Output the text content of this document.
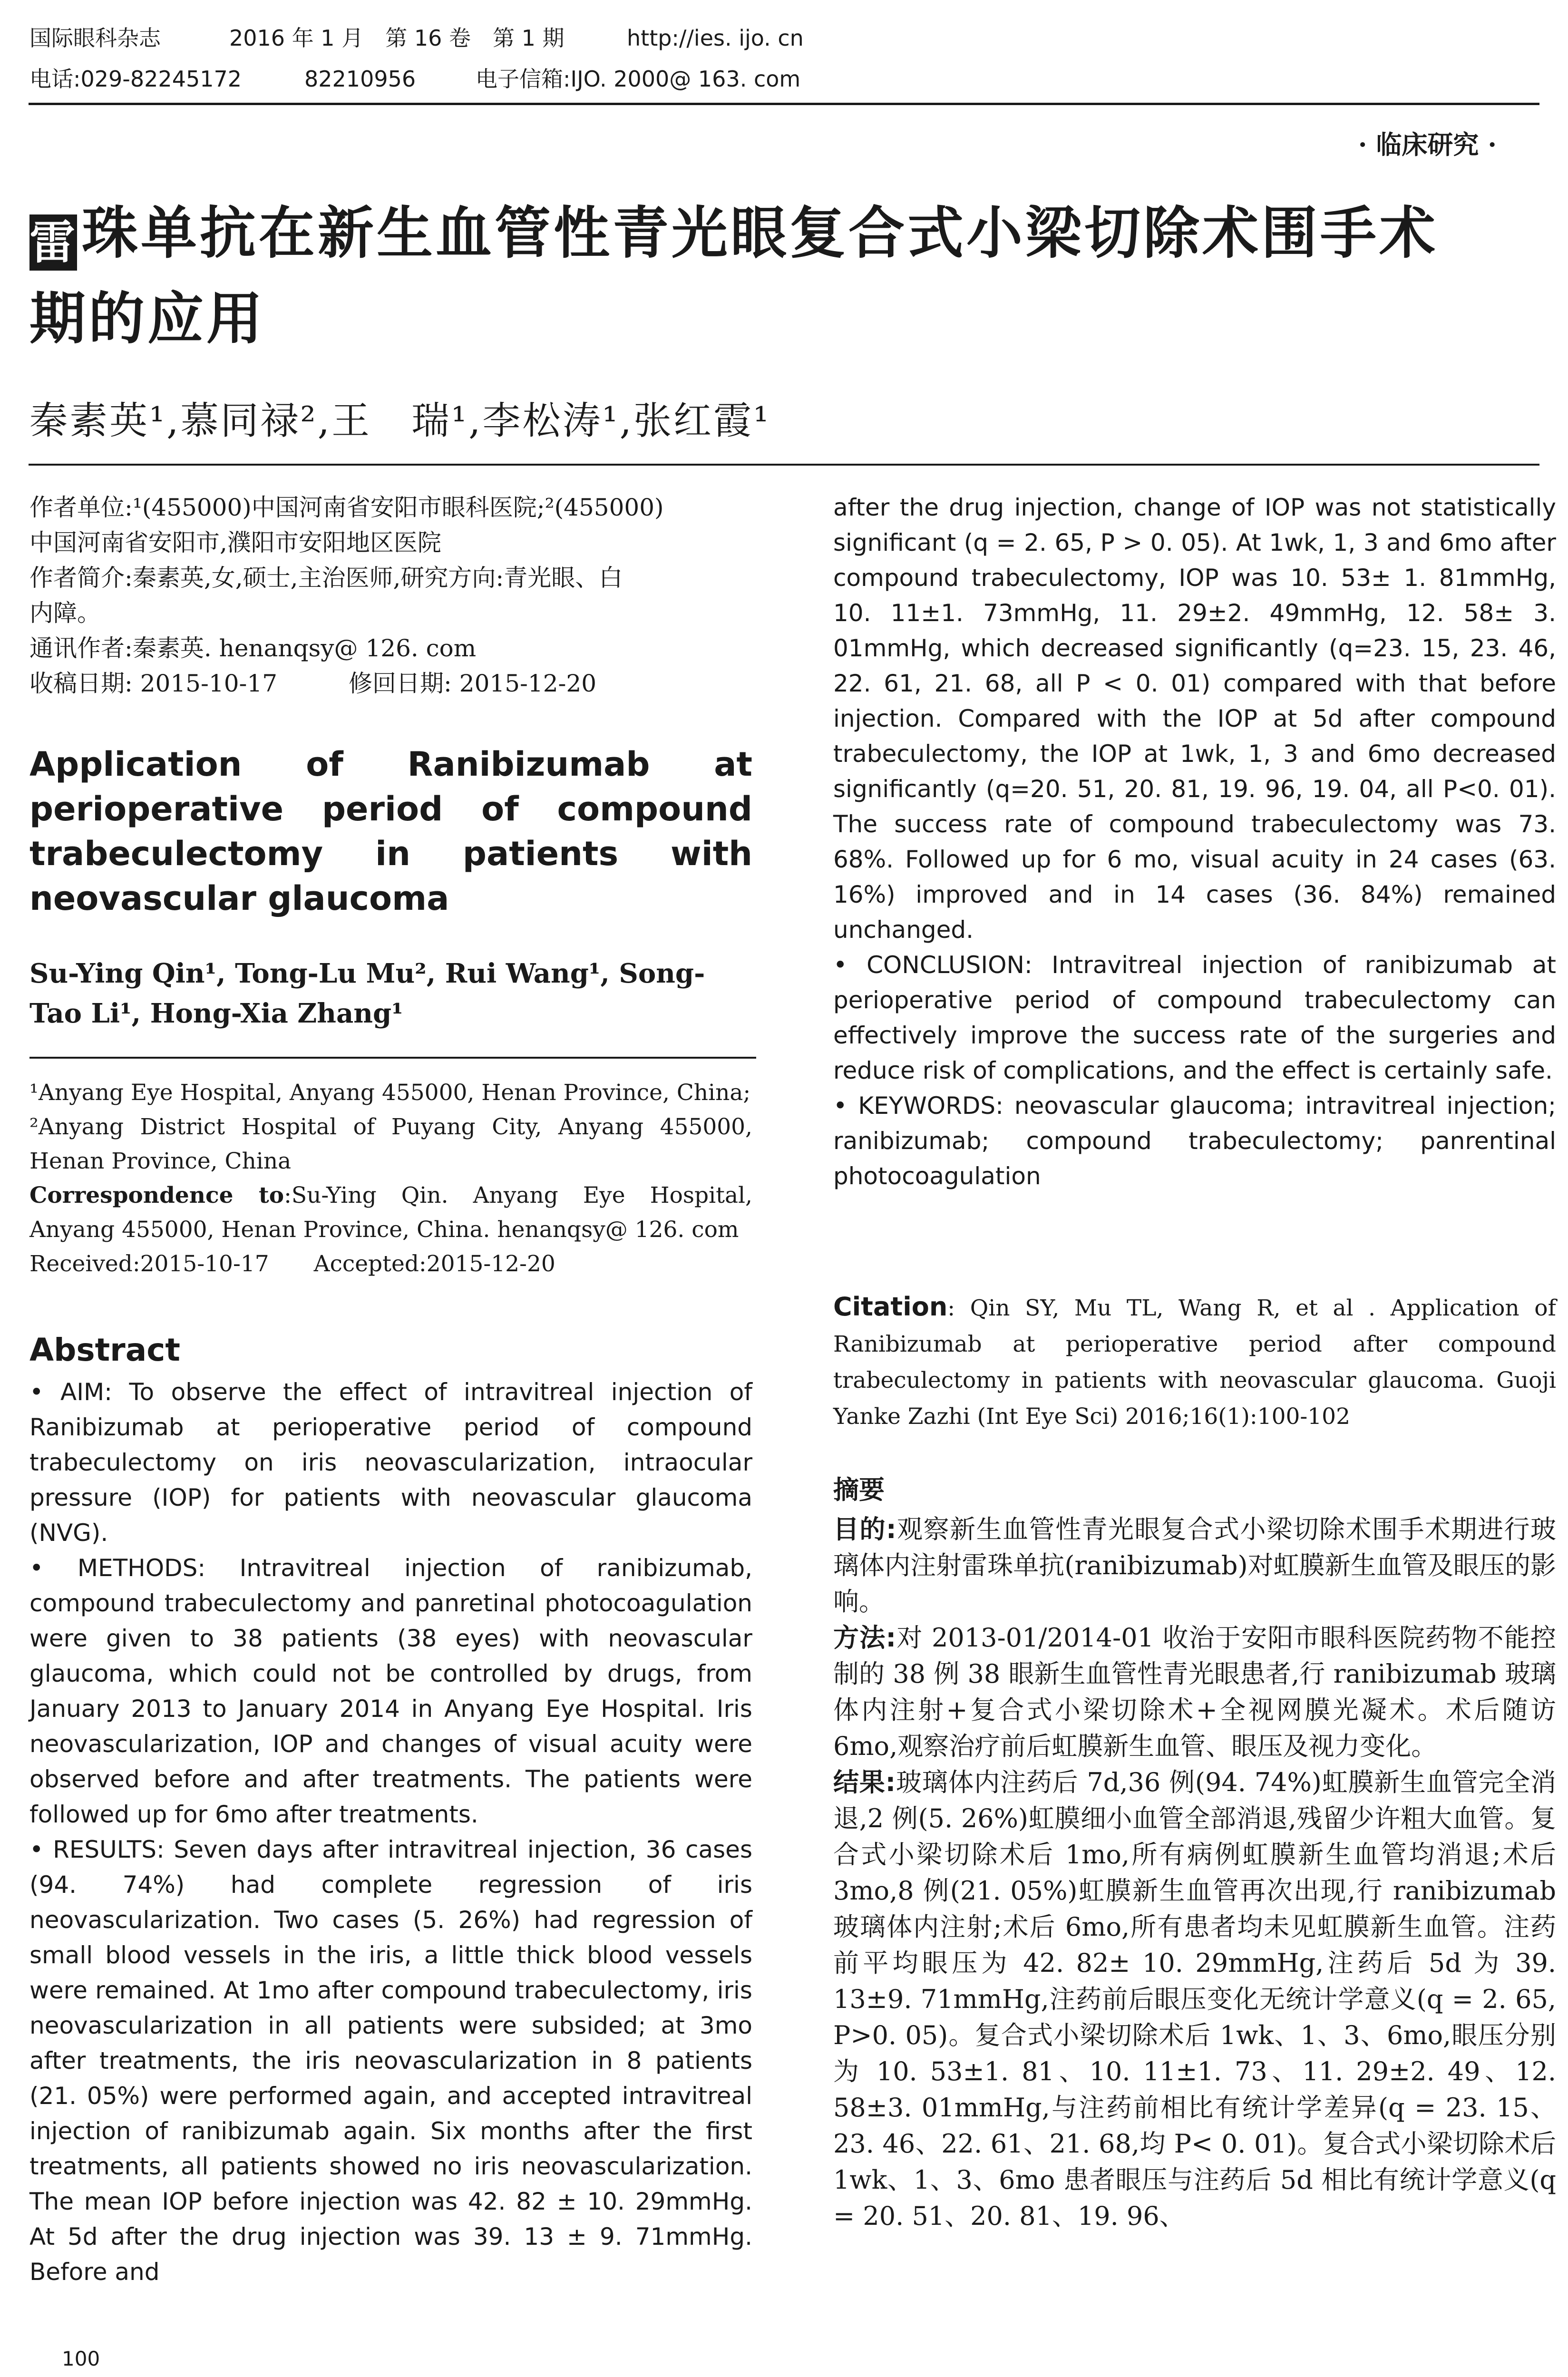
国际眼科杂志	2016 年 1 月　第 16 卷　第 1 期	http://ies. ijo. cn
电话:029-82245172	82210956	电子信箱:IJO. 2000@ 163. com
· 临床研究 ·
雷珠单抗在新生血管性青光眼复合式小梁切除术围手术
期的应用
秦素英¹,慕同禄²,王　瑞¹,李松涛¹,张红霞¹
作者单位:¹(455000)中国河南省安阳市眼科医院;²(455000)
中国河南省安阳市,濮阳市安阳地区医院
作者简介:秦素英,女,硕士,主治医师,研究方向:青光眼、白
内障。
通讯作者:秦素英. henanqsy@ 126. com
收稿日期: 2015-10-17　　　修回日期: 2015-12-20
Application of Ranibizumab at perioperative period of compound trabeculectomy in patients with neovascular glaucoma
Su-Ying Qin¹, Tong-Lu Mu², Rui Wang¹, Song-Tao Li¹, Hong-Xia Zhang¹
¹Anyang Eye Hospital, Anyang 455000, Henan Province, China;
²Anyang District Hospital of Puyang City, Anyang 455000, Henan Province, China
Correspondence to:Su-Ying Qin. Anyang Eye Hospital, Anyang 455000, Henan Province, China. henanqsy@ 126. com
Received:2015-10-17　　Accepted:2015-12-20
Abstract

• AIM: To observe the effect of intravitreal injection of Ranibizumab at perioperative period of compound trabeculectomy on iris neovascularization, intraocular pressure (IOP) for patients with neovascular glaucoma (NVG).

• METHODS: Intravitreal injection of ranibizumab, compound trabeculectomy and panretinal photocoagulation were given to 38 patients (38 eyes) with neovascular glaucoma, which could not be controlled by drugs, from January 2013 to January 2014 in Anyang Eye Hospital. Iris neovascularization, IOP and changes of visual acuity were observed before and after treatments. The patients were followed up for 6mo after treatments.

• RESULTS: Seven days after intravitreal injection, 36 cases (94. 74%) had complete regression of iris neovascularization. Two cases (5. 26%) had regression of small blood vessels in the iris, a little thick blood vessels were remained. At 1mo after compound trabeculectomy, iris neovascularization in all patients were subsided; at 3mo after treatments, the iris neovascularization in 8 patients (21. 05%) were performed again, and accepted intravitreal injection of ranibizumab again. Six months after the first treatments, all patients showed no iris neovascularization. The mean IOP before injection was 42. 82 ± 10. 29mmHg. At 5d after the drug injection was 39. 13 ± 9. 71mmHg. Before and

100

after the drug injection, change of IOP was not statistically significant (q = 2. 65, P > 0. 05). At 1wk, 1, 3 and 6mo after compound trabeculectomy, IOP was 10. 53± 1. 81mmHg, 10. 11±1. 73mmHg, 11. 29±2. 49mmHg, 12. 58± 3. 01mmHg, which decreased significantly (q=23. 15, 23. 46, 22. 61, 21. 68, all P < 0. 01) compared with that before injection. Compared with the IOP at 5d after compound trabeculectomy, the IOP at 1wk, 1, 3 and 6mo decreased significantly (q=20. 51, 20. 81, 19. 96, 19. 04, all P<0. 01). The success rate of compound trabeculectomy was 73. 68%. Followed up for 6 mo, visual acuity in 24 cases (63. 16%) improved and in 14 cases (36. 84%) remained unchanged.

• CONCLUSION: Intravitreal injection of ranibizumab at perioperative period of compound trabeculectomy can effectively improve the success rate of the surgeries and reduce risk of complications, and the effect is certainly safe.

• KEYWORDS: neovascular glaucoma; intravitreal injection; ranibizumab; compound trabeculectomy; panrentinal photocoagulation

Citation: Qin SY, Mu TL, Wang R, et al . Application of Ranibizumab at perioperative period after compound trabeculectomy in patients with neovascular glaucoma. Guoji Yanke Zazhi (Int Eye Sci) 2016;16(1):100-102
摘要

目的:观察新生血管性青光眼复合式小梁切除术围手术期进行玻璃体内注射雷珠单抗(ranibizumab)对虹膜新生血管及眼压的影响。

方法:对 2013-01/2014-01 收治于安阳市眼科医院药物不能控制的 38 例 38 眼新生血管性青光眼患者,行 ranibizumab 玻璃体内注射+复合式小梁切除术+全视网膜光凝术。术后随访 6mo,观察治疗前后虹膜新生血管、眼压及视力变化。

结果:玻璃体内注药后 7d,36 例(94. 74%)虹膜新生血管完全消退,2 例(5. 26%)虹膜细小血管全部消退,残留少许粗大血管。复合式小梁切除术后 1mo,所有病例虹膜新生血管均消退;术后 3mo,8 例(21. 05%)虹膜新生血管再次出现,行 ranibizumab 玻璃体内注射;术后 6mo,所有患者均未见虹膜新生血管。注药前平均眼压为 42. 82± 10. 29mmHg,注药后 5d 为 39. 13±9. 71mmHg,注药前后眼压变化无统计学意义(q = 2. 65, P>0. 05)。复合式小梁切除术后 1wk、1、3、6mo,眼压分别为 10. 53±1. 81、10. 11±1. 73、11. 29±2. 49、12. 58±3. 01mmHg,与注药前相比有统计学差异(q = 23. 15、23. 46、22. 61、21. 68,均 P< 0. 01)。复合式小梁切除术后 1wk、1、3、6mo 患者眼压与注药后 5d 相比有统计学意义(q = 20. 51、20. 81、19. 96、
